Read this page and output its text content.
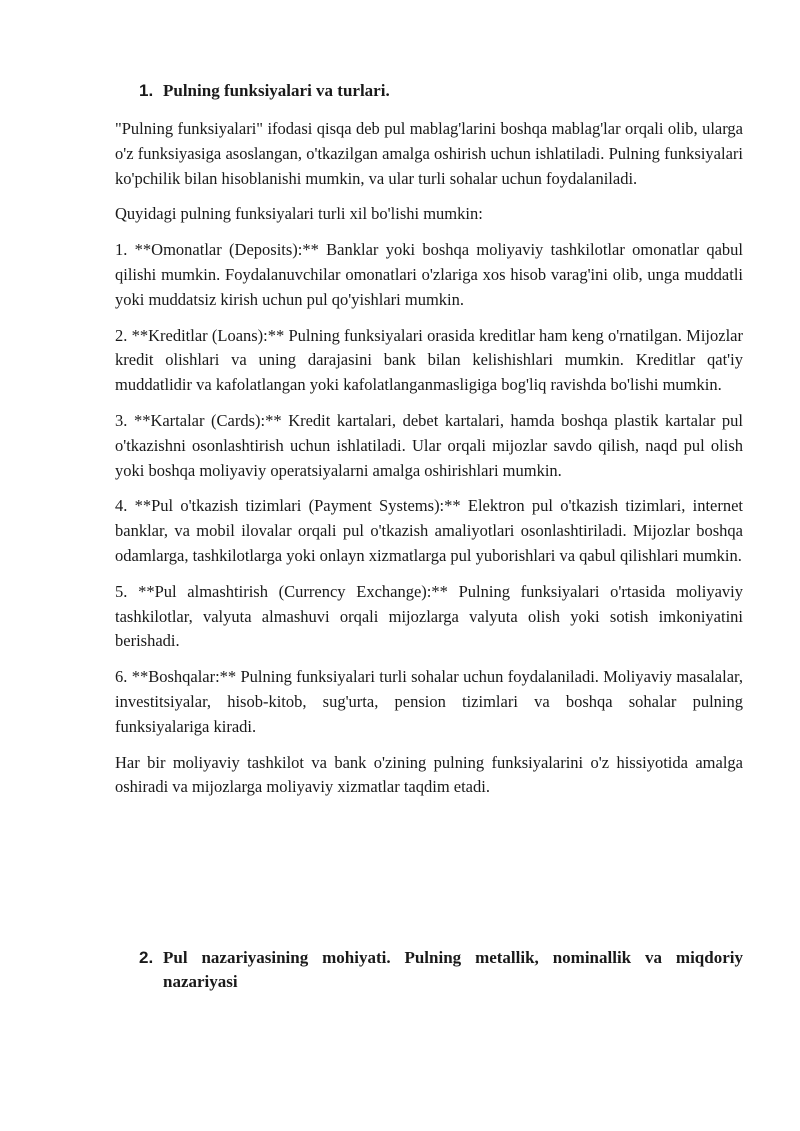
1. Pulning funksiyalari va turlari.

"Pulning funksiyalari" ifodasi qisqa deb pul mablag'larini boshqa mablag'lar orqali olib, ularga o'z funksiyasiga asoslangan, o'tkazilgan amalga oshirish uchun ishlatiladi. Pulning funksiyalari ko'pchilik bilan hisoblanishi mumkin, va ular turli sohalar uchun foydalaniladi.

Quyidagi pulning funksiyalari turli xil bo'lishi mumkin:

1. **Omonatlar (Deposits):** Banklar yoki boshqa moliyaviy tashkilotlar omonatlar qabul qilishi mumkin. Foydalanuvchilar omonatlari o'zlariga xos hisob varag'ini olib, unga muddatli yoki muddatsiz kirish uchun pul qo'yishlari mumkin.

2. **Kreditlar (Loans):** Pulning funksiyalari orasida kreditlar ham keng o'rnatilgan. Mijozlar kredit olishlari va uning darajasini bank bilan kelishishlari mumkin. Kreditlar qat'iy muddatlidir va kafolatlangan yoki kafolatlanganmasligiga bog'liq ravishda bo'lishi mumkin.

3. **Kartalar (Cards):** Kredit kartalari, debet kartalari, hamda boshqa plastik kartalar pul o'tkazishni osonlashtirish uchun ishlatiladi. Ular orqali mijozlar savdo qilish, naqd pul olish yoki boshqa moliyaviy operatsiyalarni amalga oshirishlari mumkin.

4. **Pul o'tkazish tizimlari (Payment Systems):** Elektron pul o'tkazish tizimlari, internet banklar, va mobil ilovalar orqali pul o'tkazish amaliyotlari osonlashtiriladi. Mijozlar boshqa odamlarga, tashkilotlarga yoki onlayn xizmatlarga pul yuborishlari va qabul qilishlari mumkin.

5. **Pul almashtirish (Currency Exchange):** Pulning funksiyalari o'rtasida moliyaviy tashkilotlar, valyuta almashuvi orqali mijozlarga valyuta olish yoki sotish imkoniyatini berishadi.

6. **Boshqalar:** Pulning funksiyalari turli sohalar uchun foydalaniladi. Moliyaviy masalalar, investitsiyalar, hisob-kitob, sug'urta, pension tizimlari va boshqa sohalar pulning funksiyalariga kiradi.

Har bir moliyaviy tashkilot va bank o'zining pulning funksiyalarini o'z hissiyotida amalga oshiradi va mijozlarga moliyaviy xizmatlar taqdim etadi.

2. Pul nazariyasining mohiyati. Pulning metallik, nominallik va miqdoriy nazariyasi
